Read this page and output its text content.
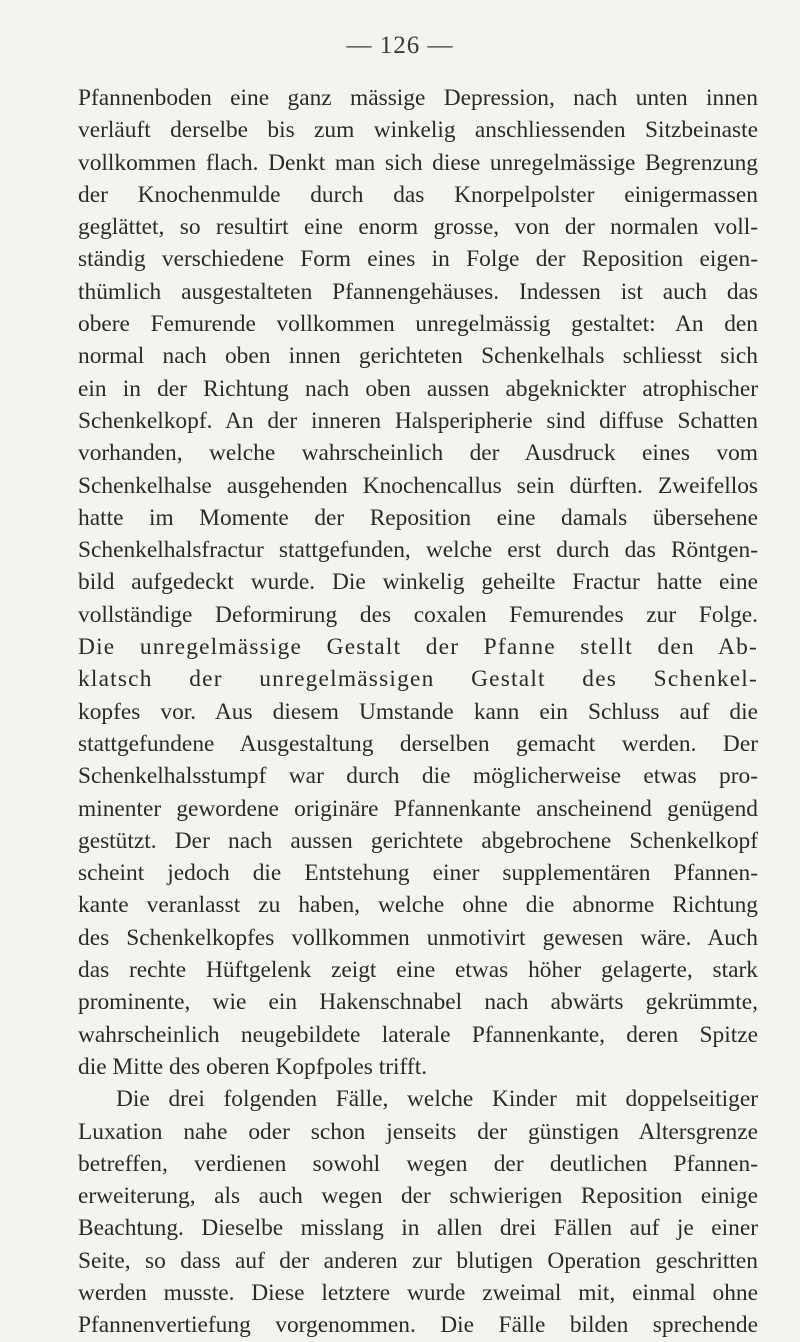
— 126 —
Pfannenboden eine ganz mässige Depression, nach unten innen
verläuft derselbe bis zum winkelig anschliessenden Sitzbeinaste
vollkommen flach. Denkt man sich diese unregelmässige Begrenzung
der Knochenmulde durch das Knorpelpolster einigermassen
geglättet, so resultirt eine enorm grosse, von der normalen voll-
ständig verschiedene Form eines in Folge der Reposition eigen-
thümlich ausgestalteten Pfannengehäuses. Indessen ist auch das
obere Femurende vollkommen unregelmässig gestaltet: An den
normal nach oben innen gerichteten Schenkelhals schliesst sich
ein in der Richtung nach oben aussen abgeknickter atrophischer
Schenkelkopf. An der inneren Halsperipherie sind diffuse Schatten
vorhanden, welche wahrscheinlich der Ausdruck eines vom
Schenkelhalse ausgehenden Knochencallus sein dürften. Zweifellos
hatte im Momente der Reposition eine damals übersehene
Schenkelhalsfractur stattgefunden, welche erst durch das Röntgen-
bild aufgedeckt wurde. Die winkelig geheilte Fractur hatte eine
vollständige Deformirung des coxalen Femurendes zur Folge.
Die unregelmässige Gestalt der Pfanne stellt den Ab-
klatsch der unregelmässigen Gestalt des Schenkel-
kopfes vor. Aus diesem Umstande kann ein Schluss auf die
stattgefundene Ausgestaltung derselben gemacht werden. Der
Schenkelhalsstumpf war durch die möglicherweise etwas pro-
minenter gewordene originäre Pfannenkante anscheinend genügend
gestützt. Der nach aussen gerichtete abgebrochene Schenkelkopf
scheint jedoch die Entstehung einer supplementären Pfannen-
kante veranlasst zu haben, welche ohne die abnorme Richtung
des Schenkelkopfes vollkommen unmotivirt gewesen wäre. Auch
das rechte Hüftgelenk zeigt eine etwas höher gelagerte, stark
prominente, wie ein Hakenschnabel nach abwärts gekrümmte,
wahrscheinlich neugebildete laterale Pfannenkante, deren Spitze
die Mitte des oberen Kopfpoles trifft.
Die drei folgenden Fälle, welche Kinder mit doppelseitiger
Luxation nahe oder schon jenseits der günstigen Altersgrenze
betreffen, verdienen sowohl wegen der deutlichen Pfannen-
erweiterung, als auch wegen der schwierigen Reposition einige
Beachtung. Dieselbe misslang in allen drei Fällen auf je einer
Seite, so dass auf der anderen zur blutigen Operation geschritten
werden musste. Diese letztere wurde zweimal mit, einmal ohne
Pfannenvertiefung vorgenommen. Die Fälle bilden sprechende
